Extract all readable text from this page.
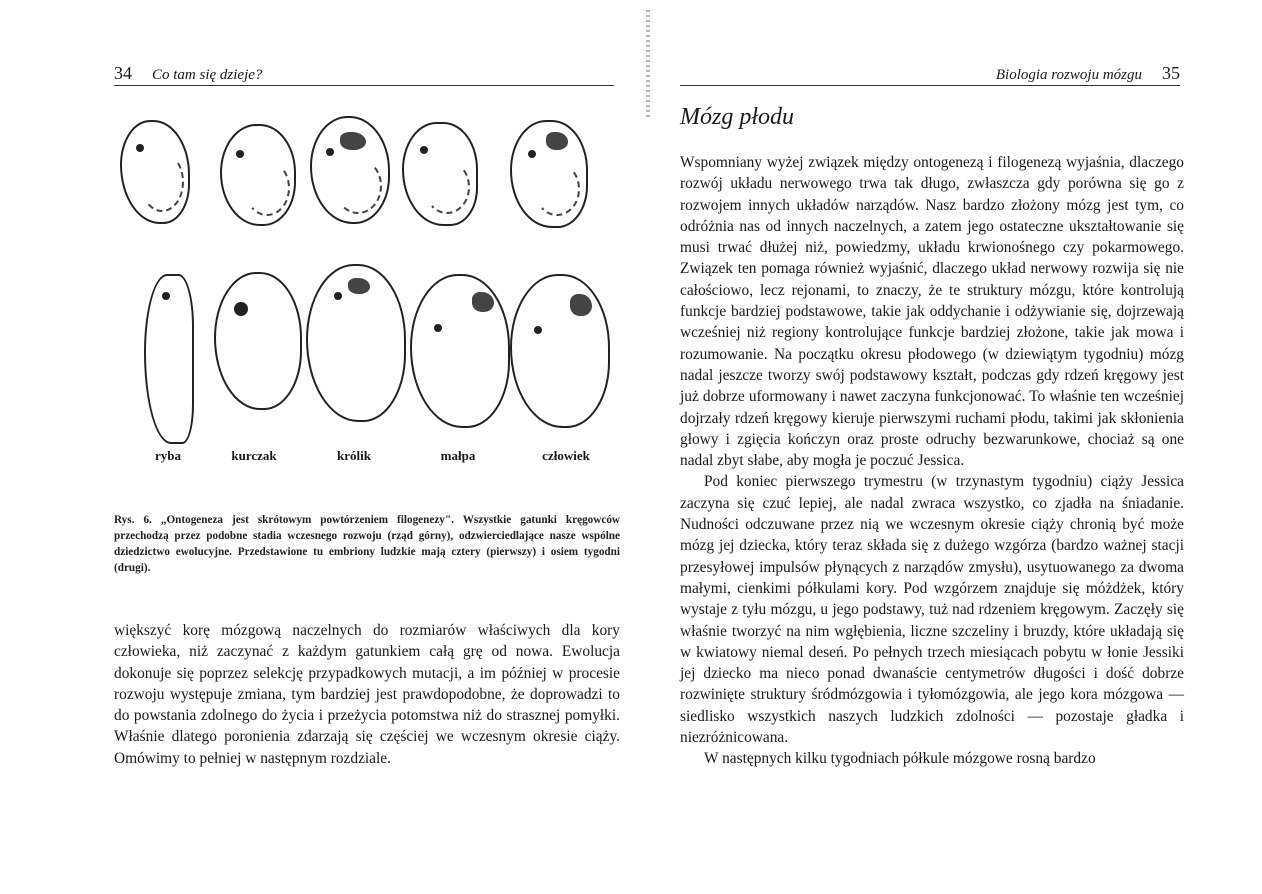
34 Co tam się dzieje?
ryba	kurczak	królik	małpa	człowiek
Rys. 6. „Ontogeneza jest skrótowym powtórzeniem filogenezy". Wszystkie gatunki kręgowców przechodzą przez podobne stadia wczesnego rozwoju (rząd górny), odzwierciedlające nasze wspólne dziedzictwo ewolucyjne. Przedstawione tu embriony ludzkie mają cztery (pierwszy) i osiem tygodni (drugi).

większyć korę mózgową naczelnych do rozmiarów właściwych dla kory człowieka, niż zaczynać z każdym gatunkiem całą grę od nowa. Ewolucja dokonuje się poprzez selekcję przypadkowych mutacji, a im później w procesie rozwoju występuje zmiana, tym bardziej jest prawdopodobne, że doprowadzi to do powstania zdolnego do życia i przeżycia potomstwa niż do strasznej pomyłki. Właśnie dlatego poronienia zdarzają się częściej we wczesnym okresie ciąży. Omówimy to pełniej w następnym rozdziale.

Biologia rozwoju mózgu 35
Mózg płodu

Wspomniany wyżej związek między ontogenezą i filogenezą wyjaśnia, dlaczego rozwój układu nerwowego trwa tak długo, zwłaszcza gdy porówna się go z rozwojem innych układów narządów. Nasz bardzo złożony mózg jest tym, co odróżnia nas od innych naczelnych, a zatem jego ostateczne ukształtowanie się musi trwać dłużej niż, powiedzmy, układu krwionośnego czy pokarmowego. Związek ten pomaga również wyjaśnić, dlaczego układ nerwowy rozwija się nie całościowo, lecz rejonami, to znaczy, że te struktury mózgu, które kontrolują funkcje bardziej podstawowe, takie jak oddychanie i odżywianie się, dojrzewają wcześniej niż regiony kontrolujące funkcje bardziej złożone, takie jak mowa i rozumowanie. Na początku okresu płodowego (w dziewiątym tygodniu) mózg nadal jeszcze tworzy swój podstawowy kształt, podczas gdy rdzeń kręgowy jest już dobrze uformowany i nawet zaczyna funkcjonować. To właśnie ten wcześniej dojrzały rdzeń kręgowy kieruje pierwszymi ruchami płodu, takimi jak skłonienia głowy i zgięcia kończyn oraz proste odruchy bezwarunkowe, chociaż są one nadal zbyt słabe, aby mogła je poczuć Jessica.

Pod koniec pierwszego trymestru (w trzynastym tygodniu) ciąży Jessica zaczyna się czuć lepiej, ale nadal zwraca wszystko, co zjadła na śniadanie. Nudności odczuwane przez nią we wczesnym okresie ciąży chronią być może mózg jej dziecka, który teraz składa się z dużego wzgórza (bardzo ważnej stacji przesyłowej impulsów płynących z narządów zmysłu), usytuowanego za dwoma małymi, cienkimi półkulami kory. Pod wzgórzem znajduje się móżdżek, który wystaje z tyłu mózgu, u jego podstawy, tuż nad rdzeniem kręgowym. Zaczęły się właśnie tworzyć na nim wgłębienia, liczne szczeliny i bruzdy, które układają się w kwiatowy niemal deseń. Po pełnych trzech miesiącach pobytu w łonie Jessiki jej dziecko ma nieco ponad dwanaście centymetrów długości i dość dobrze rozwinięte struktury śródmózgowia i tyłomózgowia, ale jego kora mózgowa — siedlisko wszystkich naszych ludzkich zdolności — pozostaje gładka i niezróżnicowana.

W następnych kilku tygodniach półkule mózgowe rosną bardzo
